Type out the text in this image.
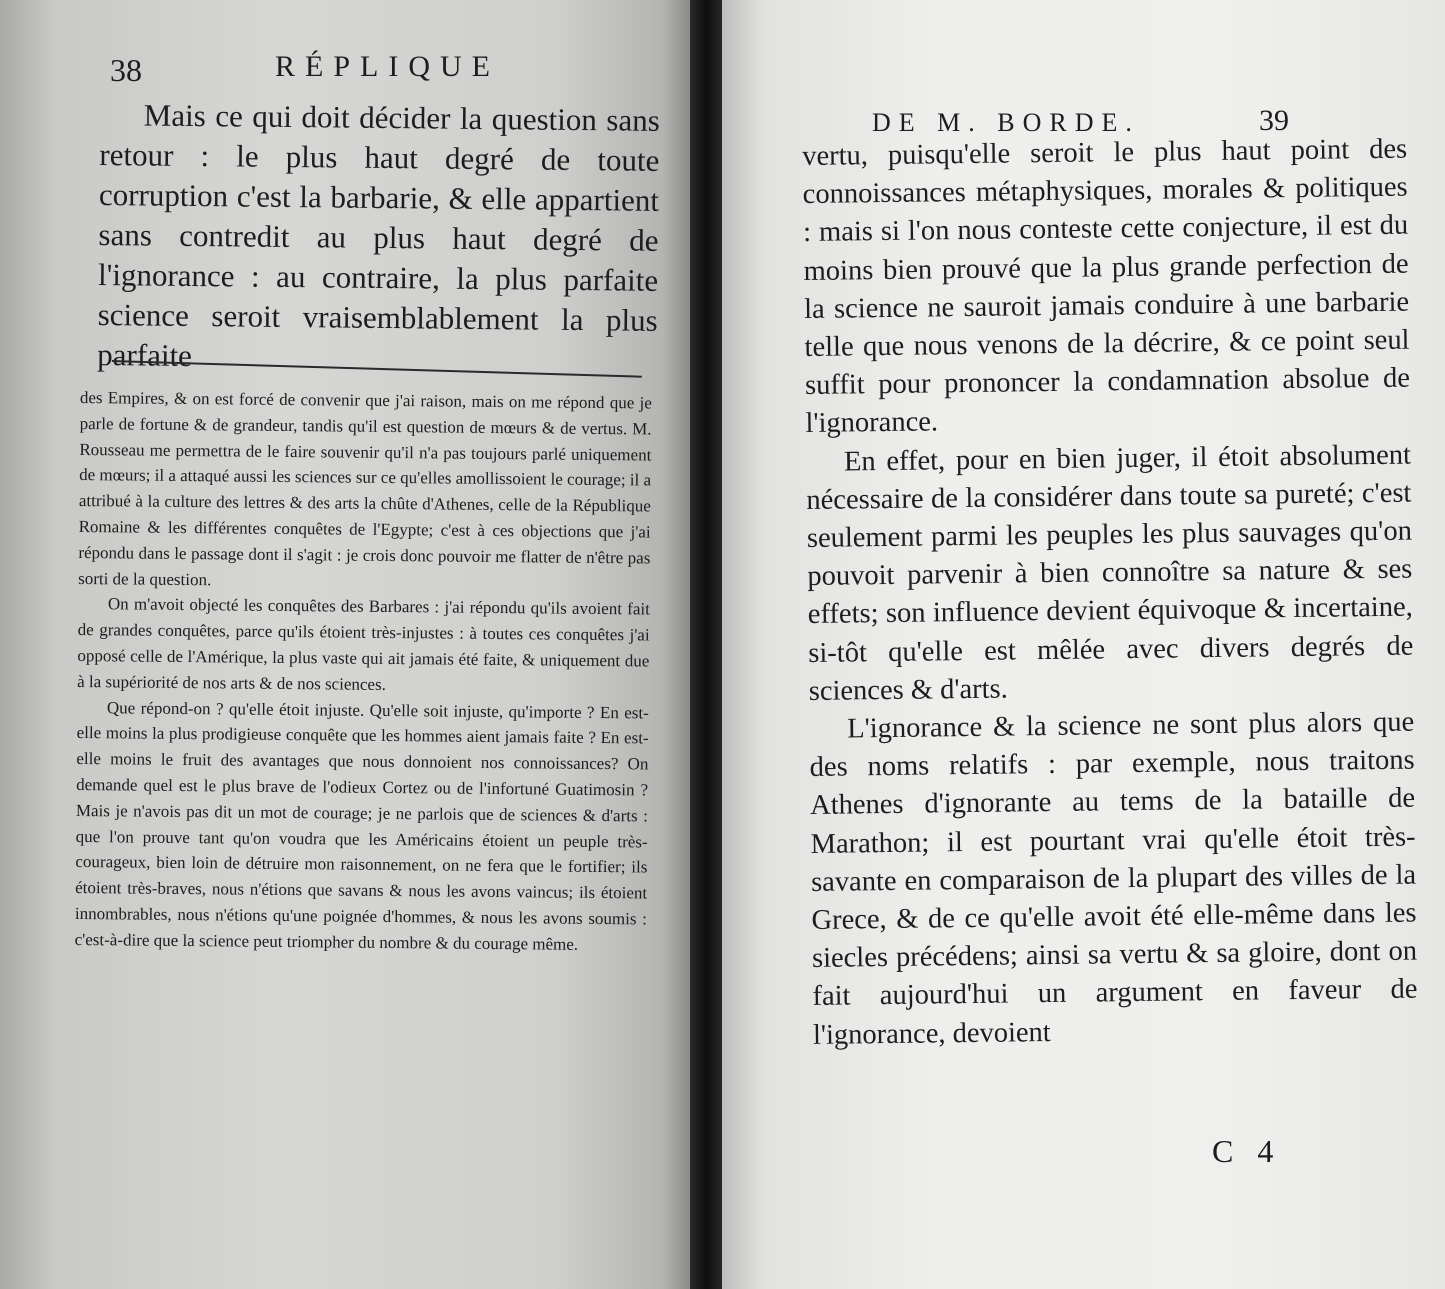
38	RÉPLIQUE

Mais ce qui doit décider la question sans retour : le plus haut degré de toute corruption c'est la barbarie, & elle appartient sans contredit au plus haut degré de l'ignorance : au contraire, la plus parfaite science seroit vraisemblablement la plus parfaite

des Empires, & on est forcé de convenir que j'ai raison, mais on me répond que je parle de fortune & de grandeur, tandis qu'il est question de mœurs & de vertus. M. Rousseau me permettra de le faire souvenir qu'il n'a pas toujours parlé uniquement de mœurs; il a attaqué aussi les sciences sur ce qu'elles amollissoient le courage; il a attribué à la culture des lettres & des arts la chûte d'Athenes, celle de la République Romaine & les différentes conquêtes de l'Egypte; c'est à ces objections que j'ai répondu dans le passage dont il s'agit : je crois donc pouvoir me flatter de n'être pas sorti de la question.

On m'avoit objecté les conquêtes des Barbares : j'ai répondu qu'ils avoient fait de grandes conquêtes, parce qu'ils étoient très-injustes : à toutes ces conquêtes j'ai opposé celle de l'Amérique, la plus vaste qui ait jamais été faite, & uniquement due à la supériorité de nos arts & de nos sciences.

Que répond-on ? qu'elle étoit injuste. Qu'elle soit injuste, qu'importe ? En est-elle moins la plus prodigieuse conquête que les hommes aient jamais faite ? En est-elle moins le fruit des avantages que nous donnoient nos connoissances? On demande quel est le plus brave de l'odieux Cortez ou de l'infortuné Guatimosin ? Mais je n'avois pas dit un mot de courage; je ne parlois que de sciences & d'arts : que l'on prouve tant qu'on voudra que les Américains étoient un peuple très-courageux, bien loin de détruire mon raisonnement, on ne fera que le fortifier; ils étoient très-braves, nous n'étions que savans & nous les avons vaincus; ils étoient innombrables, nous n'étions qu'une poignée d'hommes, & nous les avons soumis : c'est-à-dire que la science peut triompher du nombre & du courage même.

DE M. BORDE.	39

vertu, puisqu'elle seroit le plus haut point des connoissances métaphysiques, morales & politiques : mais si l'on nous conteste cette conjecture, il est du moins bien prouvé que la plus grande perfection de la science ne sauroit jamais conduire à une barbarie telle que nous venons de la décrire, & ce point seul suffit pour prononcer la condamnation absolue de l'ignorance.

En effet, pour en bien juger, il étoit absolument nécessaire de la considérer dans toute sa pureté; c'est seulement parmi les peuples les plus sauvages qu'on pouvoit parvenir à bien connoître sa nature & ses effets; son influence devient équivoque & incertaine, si-tôt qu'elle est mêlée avec divers degrés de sciences & d'arts.

L'ignorance & la science ne sont plus alors que des noms relatifs : par exemple, nous traitons Athenes d'ignorante au tems de la bataille de Marathon; il est pourtant vrai qu'elle étoit très-savante en comparaison de la plupart des villes de la Grece, & de ce qu'elle avoit été elle-même dans les siecles précédens; ainsi sa vertu & sa gloire, dont on fait aujourd'hui un argument en faveur de l'ignorance, devoient

C 4
